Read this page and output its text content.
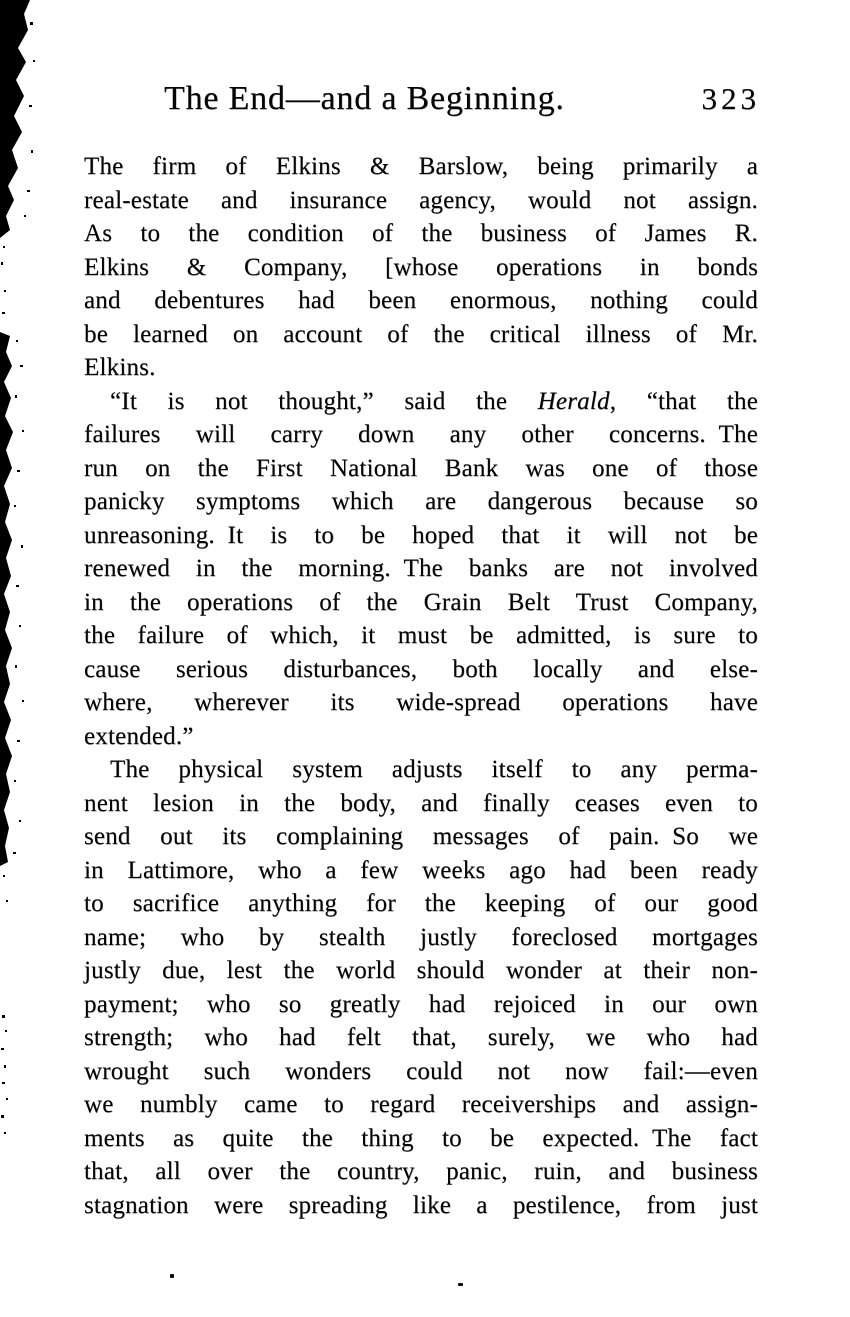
The End—and a Beginning.	323
The firm of Elkins & Barslow, being primarily a
real-estate and insurance agency, would not assign.
As to the condition of the business of James R.
Elkins & Company, [whose operations in bonds
and debentures had been enormous, nothing could
be learned on account of the critical illness of Mr.
Elkins.
“It is not thought,” said the Herald, “that the
failures will carry down any other concerns. The
run on the First National Bank was one of those
panicky symptoms which are dangerous because so
unreasoning. It is to be hoped that it will not be
renewed in the morning. The banks are not involved
in the operations of the Grain Belt Trust Company,
the failure of which, it must be admitted, is sure to
cause serious disturbances, both locally and else-
where, wherever its wide-spread operations have
extended.”
The physical system adjusts itself to any perma-
nent lesion in the body, and finally ceases even to
send out its complaining messages of pain. So we
in Lattimore, who a few weeks ago had been ready
to sacrifice anything for the keeping of our good
name; who by stealth justly foreclosed mortgages
justly due, lest the world should wonder at their non-
payment; who so greatly had rejoiced in our own
strength; who had felt that, surely, we who had
wrought such wonders could not now fail:—even
we numbly came to regard receiverships and assign-
ments as quite the thing to be expected. The fact
that, all over the country, panic, ruin, and business
stagnation were spreading like a pestilence, from just
